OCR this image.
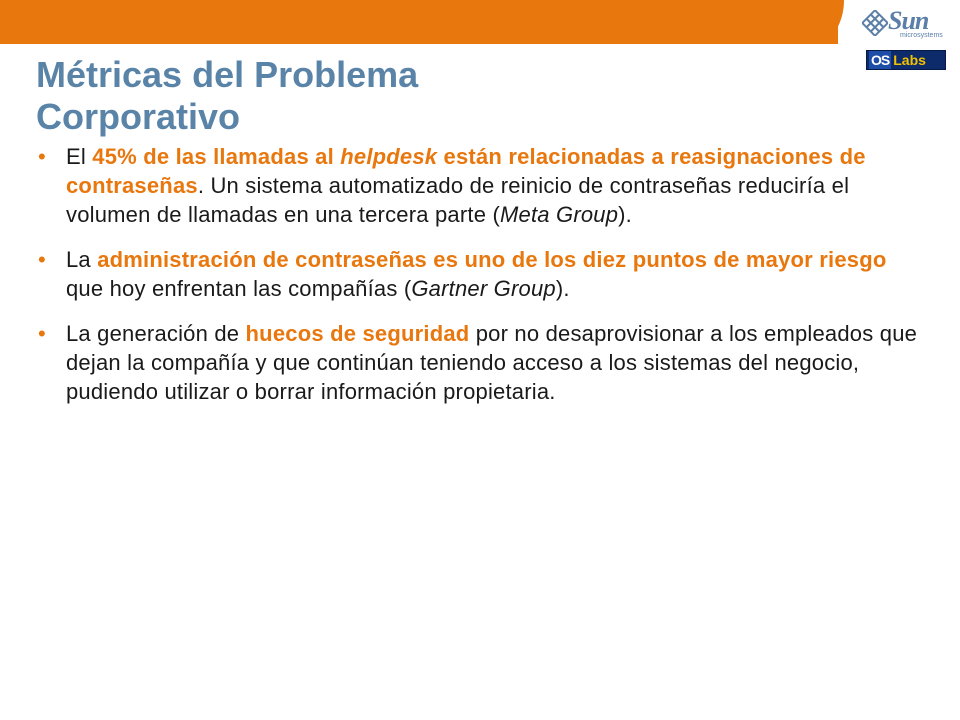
Sun
microsystems
OS Labs
Métricas del Problema
Corporativo
• El 45% de las llamadas al helpdesk están relacionadas a reasignaciones de contraseñas. Un sistema automatizado de reinicio de contraseñas reduciría el volumen de llamadas en una tercera parte (Meta Group).
• La administración de contraseñas es uno de los diez puntos de mayor riesgo que hoy enfrentan las compañías (Gartner Group).
• La generación de huecos de seguridad por no desaprovisionar a los empleados que dejan la compañía y que continúan teniendo acceso a los sistemas del negocio, pudiendo utilizar o borrar información propietaria.
